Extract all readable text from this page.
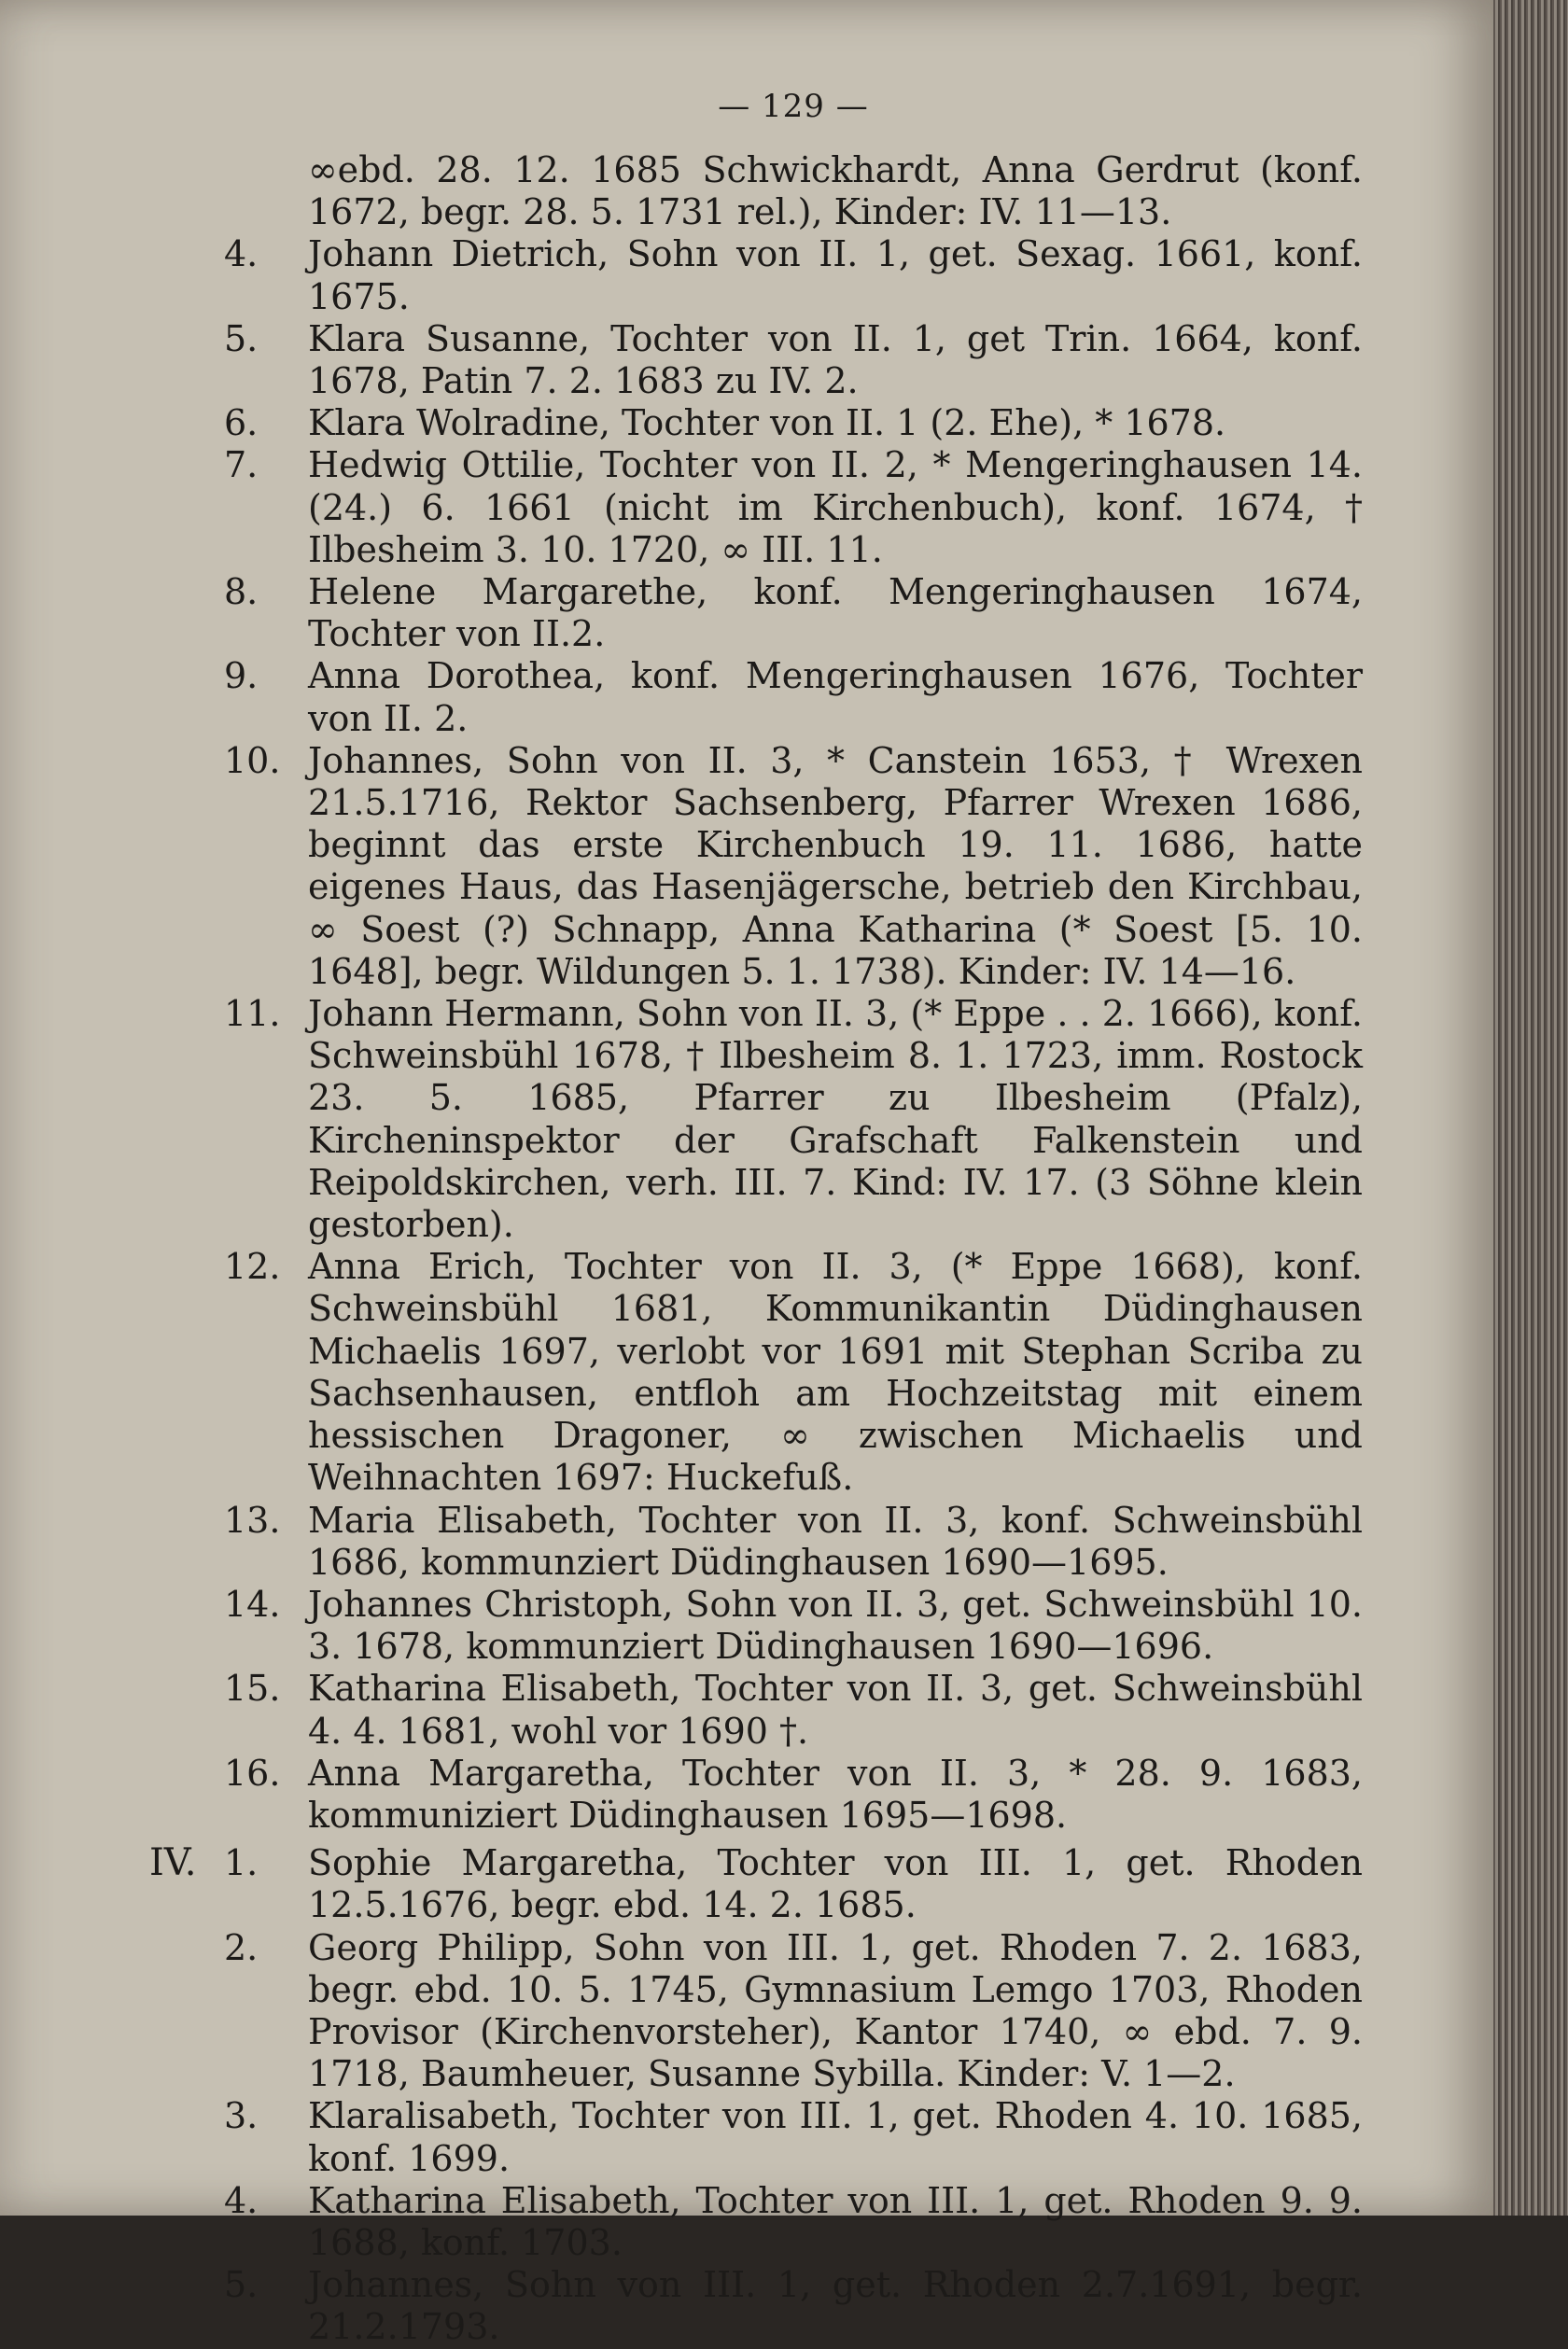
— 129 —
∞ebd. 28. 12. 1685 Schwickhardt, Anna Gerdrut (konf. 1672, begr. 28. 5. 1731 rel.), Kinder: IV. 11—13.
4.	Johann Dietrich, Sohn von II. 1, get. Sexag. 1661, konf. 1675.
5.	Klara Susanne, Tochter von II. 1, get Trin. 1664, konf. 1678, Patin 7. 2. 1683 zu IV. 2.
6.	Klara Wolradine, Tochter von II. 1 (2. Ehe), * 1678.
7.	Hedwig Ottilie, Tochter von II. 2, * Mengeringhausen 14. (24.) 6. 1661 (nicht im Kirchenbuch), konf. 1674, † Ilbesheim 3. 10. 1720, ∞ III. 11.
8.	Helene Margarethe, konf. Mengeringhausen 1674, Tochter von II.2.
9.	Anna Dorothea, konf. Mengeringhausen 1676, Tochter von II. 2.
10. Johannes, Sohn von II. 3, * Canstein 1653, † Wrexen 21.5.1716, Rektor Sachsenberg, Pfarrer Wrexen 1686, beginnt das erste Kirchenbuch 19. 11. 1686, hatte eigenes Haus, das Hasenjägersche, betrieb den Kirchbau, ∞ Soest (?) Schnapp, Anna Katharina (* Soest [5. 10. 1648], begr. Wildungen 5. 1. 1738). Kinder: IV. 14—16.
11. Johann Hermann, Sohn von II. 3, (* Eppe . . 2. 1666), konf. Schweinsbühl 1678, † Ilbesheim 8. 1. 1723, imm. Rostock 23. 5. 1685, Pfarrer zu Ilbesheim (Pfalz), Kircheninspektor der Grafschaft Falkenstein und Reipoldskirchen, verh. III. 7. Kind: IV. 17. (3 Söhne klein gestorben).
12. Anna Erich, Tochter von II. 3, (* Eppe 1668), konf. Schweinsbühl 1681, Kommunikantin Düdinghausen Michaelis 1697, verlobt vor 1691 mit Stephan Scriba zu Sachsenhausen, entfloh am Hochzeitstag mit einem hessischen Dragoner, ∞ zwischen Michaelis und Weihnachten 1697: Huckefuß.
13. Maria Elisabeth, Tochter von II. 3, konf. Schweinsbühl 1686, kommunziert Düdinghausen 1690—1695.
14. Johannes Christoph, Sohn von II. 3, get. Schweinsbühl 10. 3. 1678, kommunziert Düdinghausen 1690—1696.
15. Katharina Elisabeth, Tochter von II. 3, get. Schweinsbühl 4. 4. 1681, wohl vor 1690 †.
16. Anna Margaretha, Tochter von II. 3, * 28. 9. 1683, kommuniziert Düdinghausen 1695—1698.
IV. 1.	Sophie Margaretha, Tochter von III. 1, get. Rhoden 12.5.1676, begr. ebd. 14. 2. 1685.
2.	Georg Philipp, Sohn von III. 1, get. Rhoden 7. 2. 1683, begr. ebd. 10. 5. 1745, Gymnasium Lemgo 1703, Rhoden Provisor (Kirchenvorsteher), Kantor 1740, ∞ ebd. 7. 9. 1718, Baumheuer, Susanne Sybilla. Kinder: V. 1—2.
3.	Klaralisabeth, Tochter von III. 1, get. Rhoden 4. 10. 1685, konf. 1699.
4.	Katharina Elisabeth, Tochter von III. 1, get. Rhoden 9. 9. 1688, konf. 1703.
5.	Johannes, Sohn von III. 1, get. Rhoden 2.7.1691, begr. 21.2.1793.
